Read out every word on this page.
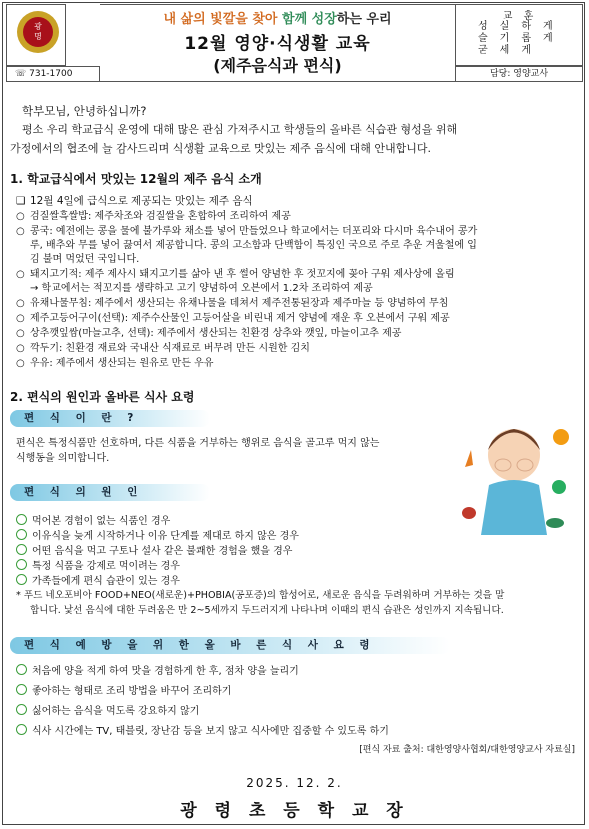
광
명
☏ 731-1700
내 삶의 빛깔을 찾아 함께 성장하는 우리
12월 영양·식생활 교육
(제주음식과 편식)
교 훈
성실하게
슬기롭게
굳세게
담당: 영양교사
학부모님, 안녕하십니까?
평소 우리 학교급식 운영에 대해 많은 관심 가져주시고 학생들의 올바른 식습관 형성을 위해
가정에서의 협조에 늘 감사드리며 식생활 교육으로 맛있는 제주 음식에 대해 안내합니다.
1. 학교급식에서 맛있는 12월의 제주 음식 소개
❑ 12월 4일에 급식으로 제공되는 맛있는 제주 음식
○ 검질쌀흑쌀밥: 제주차조와 검질쌀을 혼합하여 조리하여 제공
○ 콩국: 예전에는 콩을 물에 불가루와 채소를 넣어 만들었으나 학교에서는 더포리와 다시마 육수내어 콩가
루, 배추와 무를 넣어 끓여서 제공합니다. 콩의 고소함과 단백함이 특징인 국으로 주로 추운 겨울철에 입
김 불며 먹었던 국입니다.
○ 돼지고기적: 제주 제사시 돼지고기를 삶아 낸 후 썰어 양념한 후 젓꼬지에 꽂아 구워 제사상에 올림
→ 학교에서는 적꼬지를 생략하고 고기 양념하여 오븐에서 1.2차 조리하여 제공
○ 유채나물무침: 제주에서 생산되는 유채나물을 데쳐서 제주전통된장과 제주마늘 등 양념하여 무침
○ 제주고등어구이(선택): 제주수산물인 고등어살을 비린내 제거 양념에 재운 후 오븐에서 구워 제공
○ 상추깻잎쌈(마늘고추, 선택): 제주에서 생산되는 친환경 상추와 깻잎, 마늘이고추 제공
○ 깍두기: 친환경 재료와 국내산 식재료로 버무려 만든 시원한 김치
○ 우유: 제주에서 생산되는 원유로 만든 우유
2. 편식의 원인과 올바른 식사 요령
편 식 이 란 ?
편식은 특정식품만 선호하며, 다른 식품을 거부하는 행위로 음식을 골고루 먹지 않는
식행동을 의미합니다.
편 식 의 원 인
먹어본 경험이 없는 식품인 경우
이유식을 늦게 시작하거나 이유 단계를 제대로 하지 않은 경우
어떤 음식을 먹고 구토나 설사 같은 불쾌한 경험을 했을 경우
특정 식품을 강제로 먹이려는 경우
가족들에게 편식 습관이 있는 경우
* 푸드 네오포비아 FOOD+NEO(새로운)+PHOBIA(공포증)의 합성어로, 새로운 음식을 두려워하며 거부하는 것을 말
합니다. 낯선 음식에 대한 두려움은 만 2~5세까지 두드러지게 나타나며 이때의 편식 습관은 성인까지 지속됩니다.
편 식 예 방 을 위 한 올 바 른 식 사 요 령
처음에 양을 적게 하여 맛을 경험하게 한 후, 점차 양을 늘리기
좋아하는 형태로 조리 방법을 바꾸어 조리하기
싫어하는 음식을 먹도록 강요하지 않기
식사 시간에는 TV, 태블릿, 장난감 등을 보지 않고 식사에만 집중할 수 있도록 하기
[편식 자료 출처: 대한영양사협회/대한영양교사 자료실]
2025. 12. 2.
광 령 초 등 학 교 장
